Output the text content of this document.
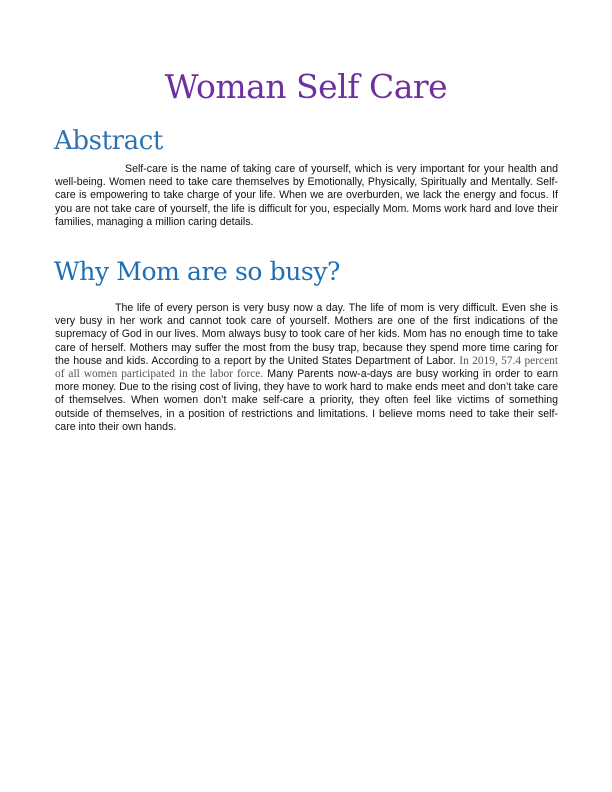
Woman Self Care
Abstract

Self-care is the name of taking care of yourself, which is very important for your health and well-being. Women need to take care themselves by Emotionally, Physically, Spiritually and Mentally. Self-care is empowering to take charge of your life. When we are overburden, we lack the energy and focus. If you are not take care of yourself, the life is difficult for you, especially Mom. Moms work hard and love their families, managing a million caring details.

Why Mom are so busy?

The life of every person is very busy now a day. The life of mom is very difficult. Even she is very busy in her work and cannot took care of yourself. Mothers are one of the first indications of the supremacy of God in our lives. Mom always busy to took care of her kids. Mom has no enough time to take care of herself. Mothers may suffer the most from the busy trap, because they spend more time caring for the house and kids. According to a report by the United States Department of Labor. In 2019, 57.4 percent of all women participated in the labor force. Many Parents now-a-days are busy working in order to earn more money. Due to the rising cost of living, they have to work hard to make ends meet and don’t take care of themselves. When women don’t make self-care a priority, they often feel like victims of something outside of themselves, in a position of restrictions and limitations. I believe moms need to take their self-care into their own hands.
